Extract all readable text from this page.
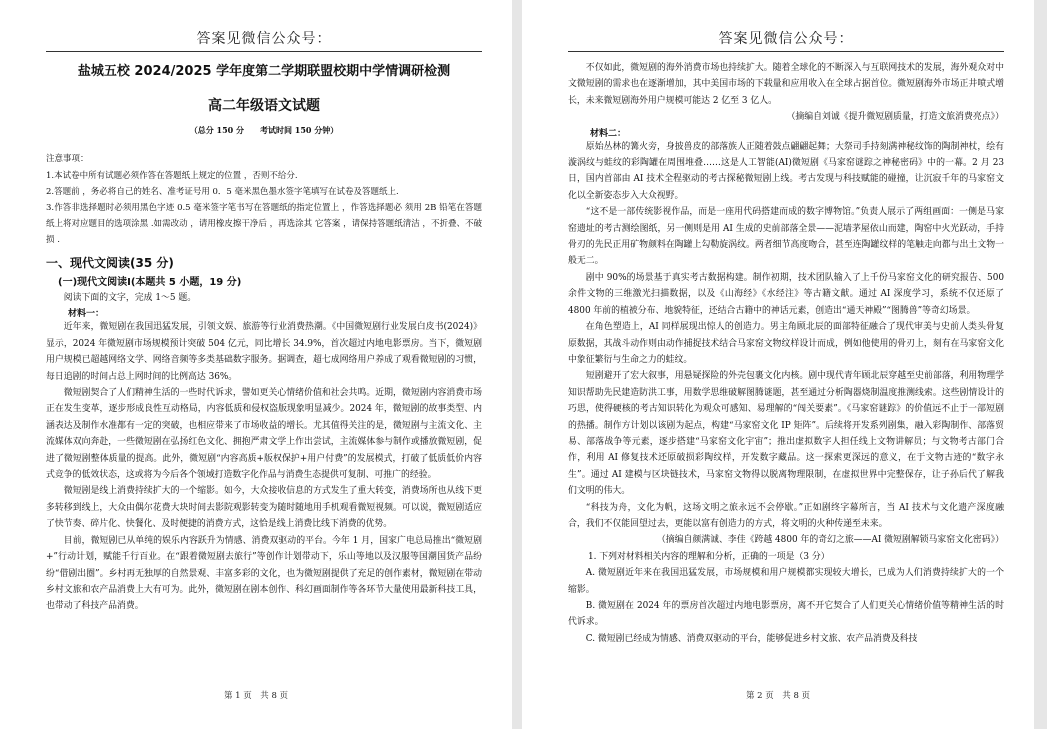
答案见微信公众号：
盐城五校 2024/2025 学年度第二学期联盟校期中学情调研检测
高二年级语文试题
（总分 150 分　　考试时间 150 分钟）
注意事项：

1.本试卷中所有试题必须作答在答题纸上规定的位置 ，否则不给分.

2.答题前 ，务必将自己的姓名、准考证号用 0．5 毫米黑色墨水签字笔填写在试卷及答题纸上.

3.作答非选择题时必须用黑色字迹 0.5 毫米签字笔书写在答题纸的指定位置上 ，作答选择题必 须用 2B 铅笔在答题纸上将对应题目的选项涂黑 .如需改动 ，请用橡皮擦干净后 ，再选涂其 它答案 ，请保持答题纸清洁 ，不折叠、不破损 .

一、现代文阅读(35 分)
(一)现代文阅读Ⅰ(本题共 5 小题，19 分)

阅读下面的文字，完成 1～5 题。

材料一：

近年来，微短剧在我国迅猛发展，引领文娱、旅游等行业消费热潮。《中国微短剧行业发展白皮书(2024)》显示，2024 年微短剧市场规模预计突破 504 亿元，同比增长 34.9%，首次超过内地电影票房。当下，微短剧用户规模已超越网络文学、网络音频等多类基础数字服务。据调查，超七成网络用户养成了观看微短剧的习惯，每日追剧的时间占总上网时间的比例高达 36%。

微短剧契合了人们精神生活的一些时代诉求，譬如更关心情绪价值和社会共鸣。近期，微短剧内容消费市场正在发生变革，逐步形成良性互动格局，内容低质和侵权盗版现象明显减少。2024 年，微短剧的故事类型、内涵表达及制作水准都有一定的突破，也相应带来了市场收益的增长。尤其值得关注的是，微短剧与主流文化、主流媒体双向奔赴，一些微短剧在弘扬红色文化、拥抱严肃文学上作出尝试，主流媒体参与制作或播放微短剧，促进了微短剧整体质量的提高。此外，微短剧“内容高质+版权保护+用户付费”的发展模式，打破了低质低价内容式竞争的低效状态，这或将为今后各个领域打造数字化作品与消费生态提供可复制、可推广的经验。

微短剧是线上消费持续扩大的一个缩影。如今，大众接收信息的方式发生了重大转变，消费场所也从线下更多转移到线上，大众由偶尔花费大块时间去影院观影转变为随时随地用手机观看微短视频。可以说，微短剧适应了快节奏、碎片化、快餐化、及时便捷的消费方式，这恰是线上消费比线下消费的优势。

目前，微短剧已从单纯的娱乐内容跃升为情感、消费双驱动的平台。今年 1 月，国家广电总局推出“微短剧+”行动计划，赋能千行百业。在“跟着微短剧去旅行”等创作计划带动下，乐山等地以及汉服等国潮国货产品纷纷“借剧出圈”。乡村再无独厚的自然景观、丰富多彩的文化，也为微短剧提供了充足的创作素材，微短剧在带动乡村文旅和农产品消费上大有可为。此外，微短剧在剧本创作、科幻画面制作等各环节大量使用最新科技工具，也带动了科技产品消费。

第 1 页　共 8 页
答案见微信公众号：

不仅如此，微短剧的海外消费市场也持续扩大。随着全球化的不断深入与互联网技术的发展，海外观众对中文微短剧的需求也在逐渐增加，其中美国市场的下载量和应用收入在全球占据首位。微短剧海外市场正井喷式增长，未来微短剧海外用户规模可能达 2 亿至 3 亿人。

（摘编自刘诚《提升微短剧质量，打造文旅消费亮点》）

材料二：

原始丛林的篝火旁，身披兽皮的部落族人正随着鼓点翩翩起舞；大祭司手持刻满神秘纹饰的陶制神杖，绘有漩涡纹与蛙纹的彩陶罐在周围堆叠……这是人工智能(AI)微短剧《马家窑谜踪之神秘密码》中的一幕。2 月 23 日，国内首部由 AI 技术全程驱动的考古探秘微短剧上线。考古发现与科技赋能的碰撞，让沉寂千年的马家窑文化以全新姿态步入大众视野。

“这不是一部传统影视作品，而是一座用代码搭建而成的数字博物馆。”负责人展示了两组画面：一侧是马家窑遗址的考古测绘图纸，另一侧则是用 AI 生成的史前部落全景——泥墙茅屋依山而建，陶窑中火光跃动，手持骨刃的先民正用矿物颜料在陶罐上勾勒旋涡纹。两者细节高度吻合，甚至连陶罐纹样的笔触走向都与出土文物一般无二。

剧中 90%的场景基于真实考古数据构建。制作初期，技术团队输入了上千份马家窑文化的研究报告、500 余件文物的三维激光扫描数据，以及《山海经》《水经注》等古籍文献。通过 AI 深度学习，系统不仅还原了 4800 年前的植被分布、地貌特征，还结合古籍中的神话元素，创造出“通天神殿”“图腾兽”等奇幻场景。

在角色塑造上，AI 同样展现出惊人的创造力。男主角顾北辰的面部特征融合了现代审美与史前人类头骨复原数据，其战斗动作则由动作捕捉技术结合马家窑文物纹样设计而成，例如他使用的骨刃上，刻有在马家窑文化中象征繁衍与生命之力的蛙纹。

短剧避开了宏大叙事，用悬疑探险的外壳包裹文化内核。剧中现代青年顾北辰穿越至史前部落，利用物理学知识帮助先民建造防洪工事，用数学思维破解图腾谜题，甚至通过分析陶器烧制温度推测线索。这些剧情设计的巧思，使得硬核的考古知识转化为观众可感知、易理解的“闯关要素”。《马家窑谜踪》的价值远不止于一部短剧的热播。制作方计划以该剧为起点，构建“马家窑文化 IP 矩阵”。后续将开发系列剧集，融入彩陶制作、部落贸易、部落战争等元素，逐步搭建“马家窑文化宇宙”；推出虚拟数字人担任线上文物讲解员；与文物考古部门合作，利用 AI 修复技术还原破损彩陶纹样，开发数字藏品。这一探索更深远的意义，在于文物古迹的“数字永生”。通过 AI 建模与区块链技术，马家窑文物得以脱离物理限制，在虚拟世界中完整保存，让子孙后代了解我们文明的伟大。

“科技为舟，文化为帆，这场文明之旅永远不会停歇。”正如剧终字幕所言，当 AI 技术与文化遗产深度融合，我们不仅能回望过去，更能以富有创造力的方式，将文明的火种传递至未来。

（摘编自颜满诚、李佳《跨越 4800 年的奇幻之旅——AI 微短剧解锁马家窑文化密码》）

1. 下列对材料相关内容的理解和分析，正确的一项是（3 分）

A. 微短剧近年来在我国迅猛发展，市场规模和用户规模都实现较大增长，已成为人们消费持续扩大的一个缩影。

B. 微短剧在 2024 年的票房首次超过内地电影票房，离不开它契合了人们更关心情绪价值等精神生活的时代诉求。

C. 微短剧已经成为情感、消费双驱动的平台，能够促进乡村文旅、农产品消费及科技

第 2 页　共 8 页
